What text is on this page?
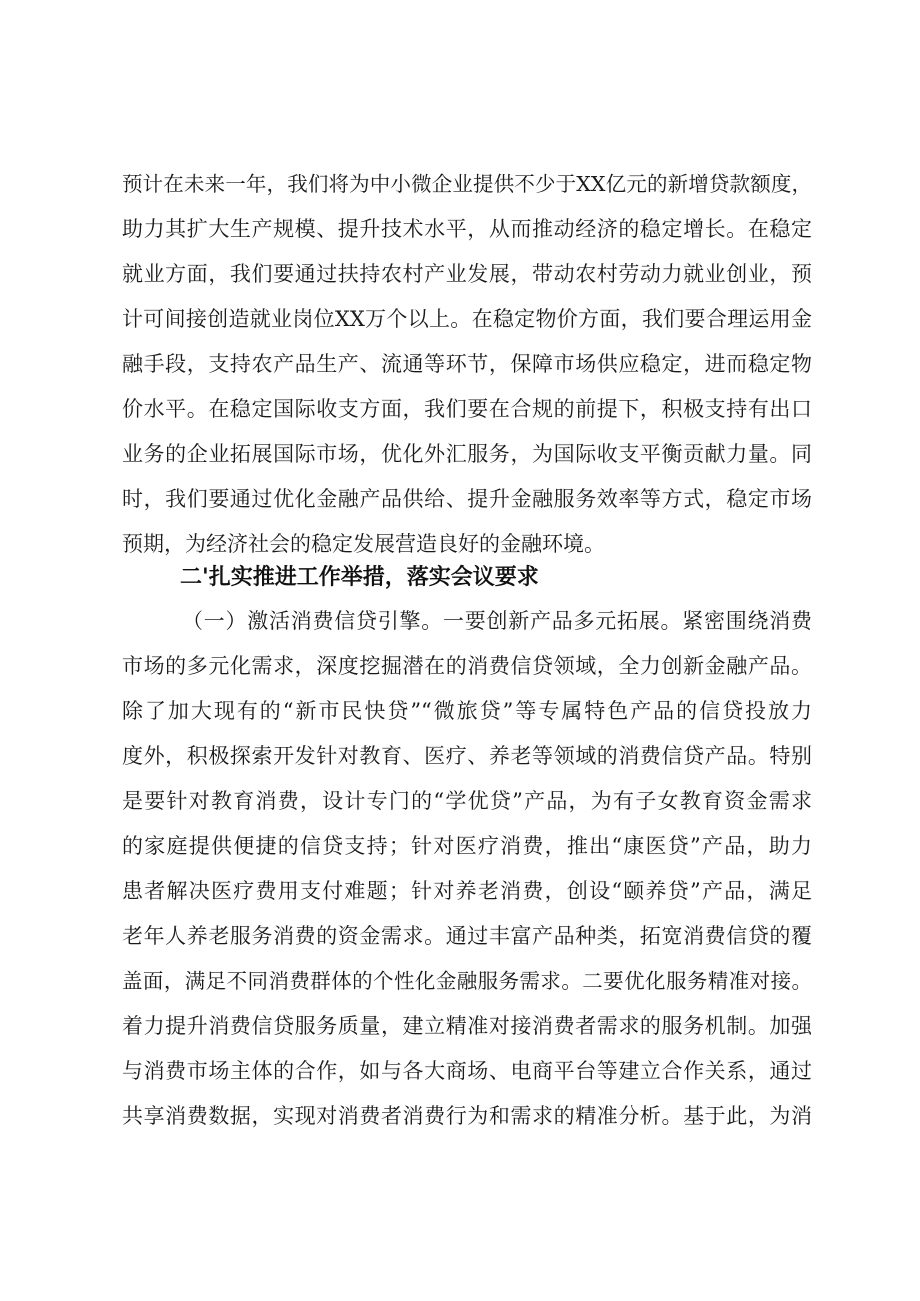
预计在未来一年，我们将为中小微企业提供不少于XX亿元的新增贷款额度，
助力其扩大生产规模、提升技术水平，从而推动经济的稳定增长。在稳定
就业方面，我们要通过扶持农村产业发展，带动农村劳动力就业创业，预
计可间接创造就业岗位XX万个以上。在稳定物价方面，我们要合理运用金
融手段，支持农产品生产、流通等环节，保障市场供应稳定，进而稳定物
价水平。在稳定国际收支方面，我们要在合规的前提下，积极支持有出口
业务的企业拓展国际市场，优化外汇服务，为国际收支平衡贡献力量。同
时，我们要通过优化金融产品供给、提升金融服务效率等方式，稳定市场
预期，为经济社会的稳定发展营造良好的金融环境。
二'扎实推进工作举措，落实会议要求
（一）激活消费信贷引擎。一要创新产品多元拓展。紧密围绕消费
市场的多元化需求，深度挖掘潜在的消费信贷领域，全力创新金融产品。
除了加大现有的“新市民快贷”“微旅贷”等专属特色产品的信贷投放力
度外，积极探索开发针对教育、医疗、养老等领域的消费信贷产品。特别
是要针对教育消费，设计专门的“学优贷”产品，为有子女教育资金需求
的家庭提供便捷的信贷支持；针对医疗消费，推出“康医贷”产品，助力
患者解决医疗费用支付难题；针对养老消费，创设“颐养贷”产品，满足
老年人养老服务消费的资金需求。通过丰富产品种类，拓宽消费信贷的覆
盖面，满足不同消费群体的个性化金融服务需求。二要优化服务精准对接。
着力提升消费信贷服务质量，建立精准对接消费者需求的服务机制。加强
与消费市场主体的合作，如与各大商场、电商平台等建立合作关系，通过
共享消费数据，实现对消费者消费行为和需求的精准分析。基于此，为消
